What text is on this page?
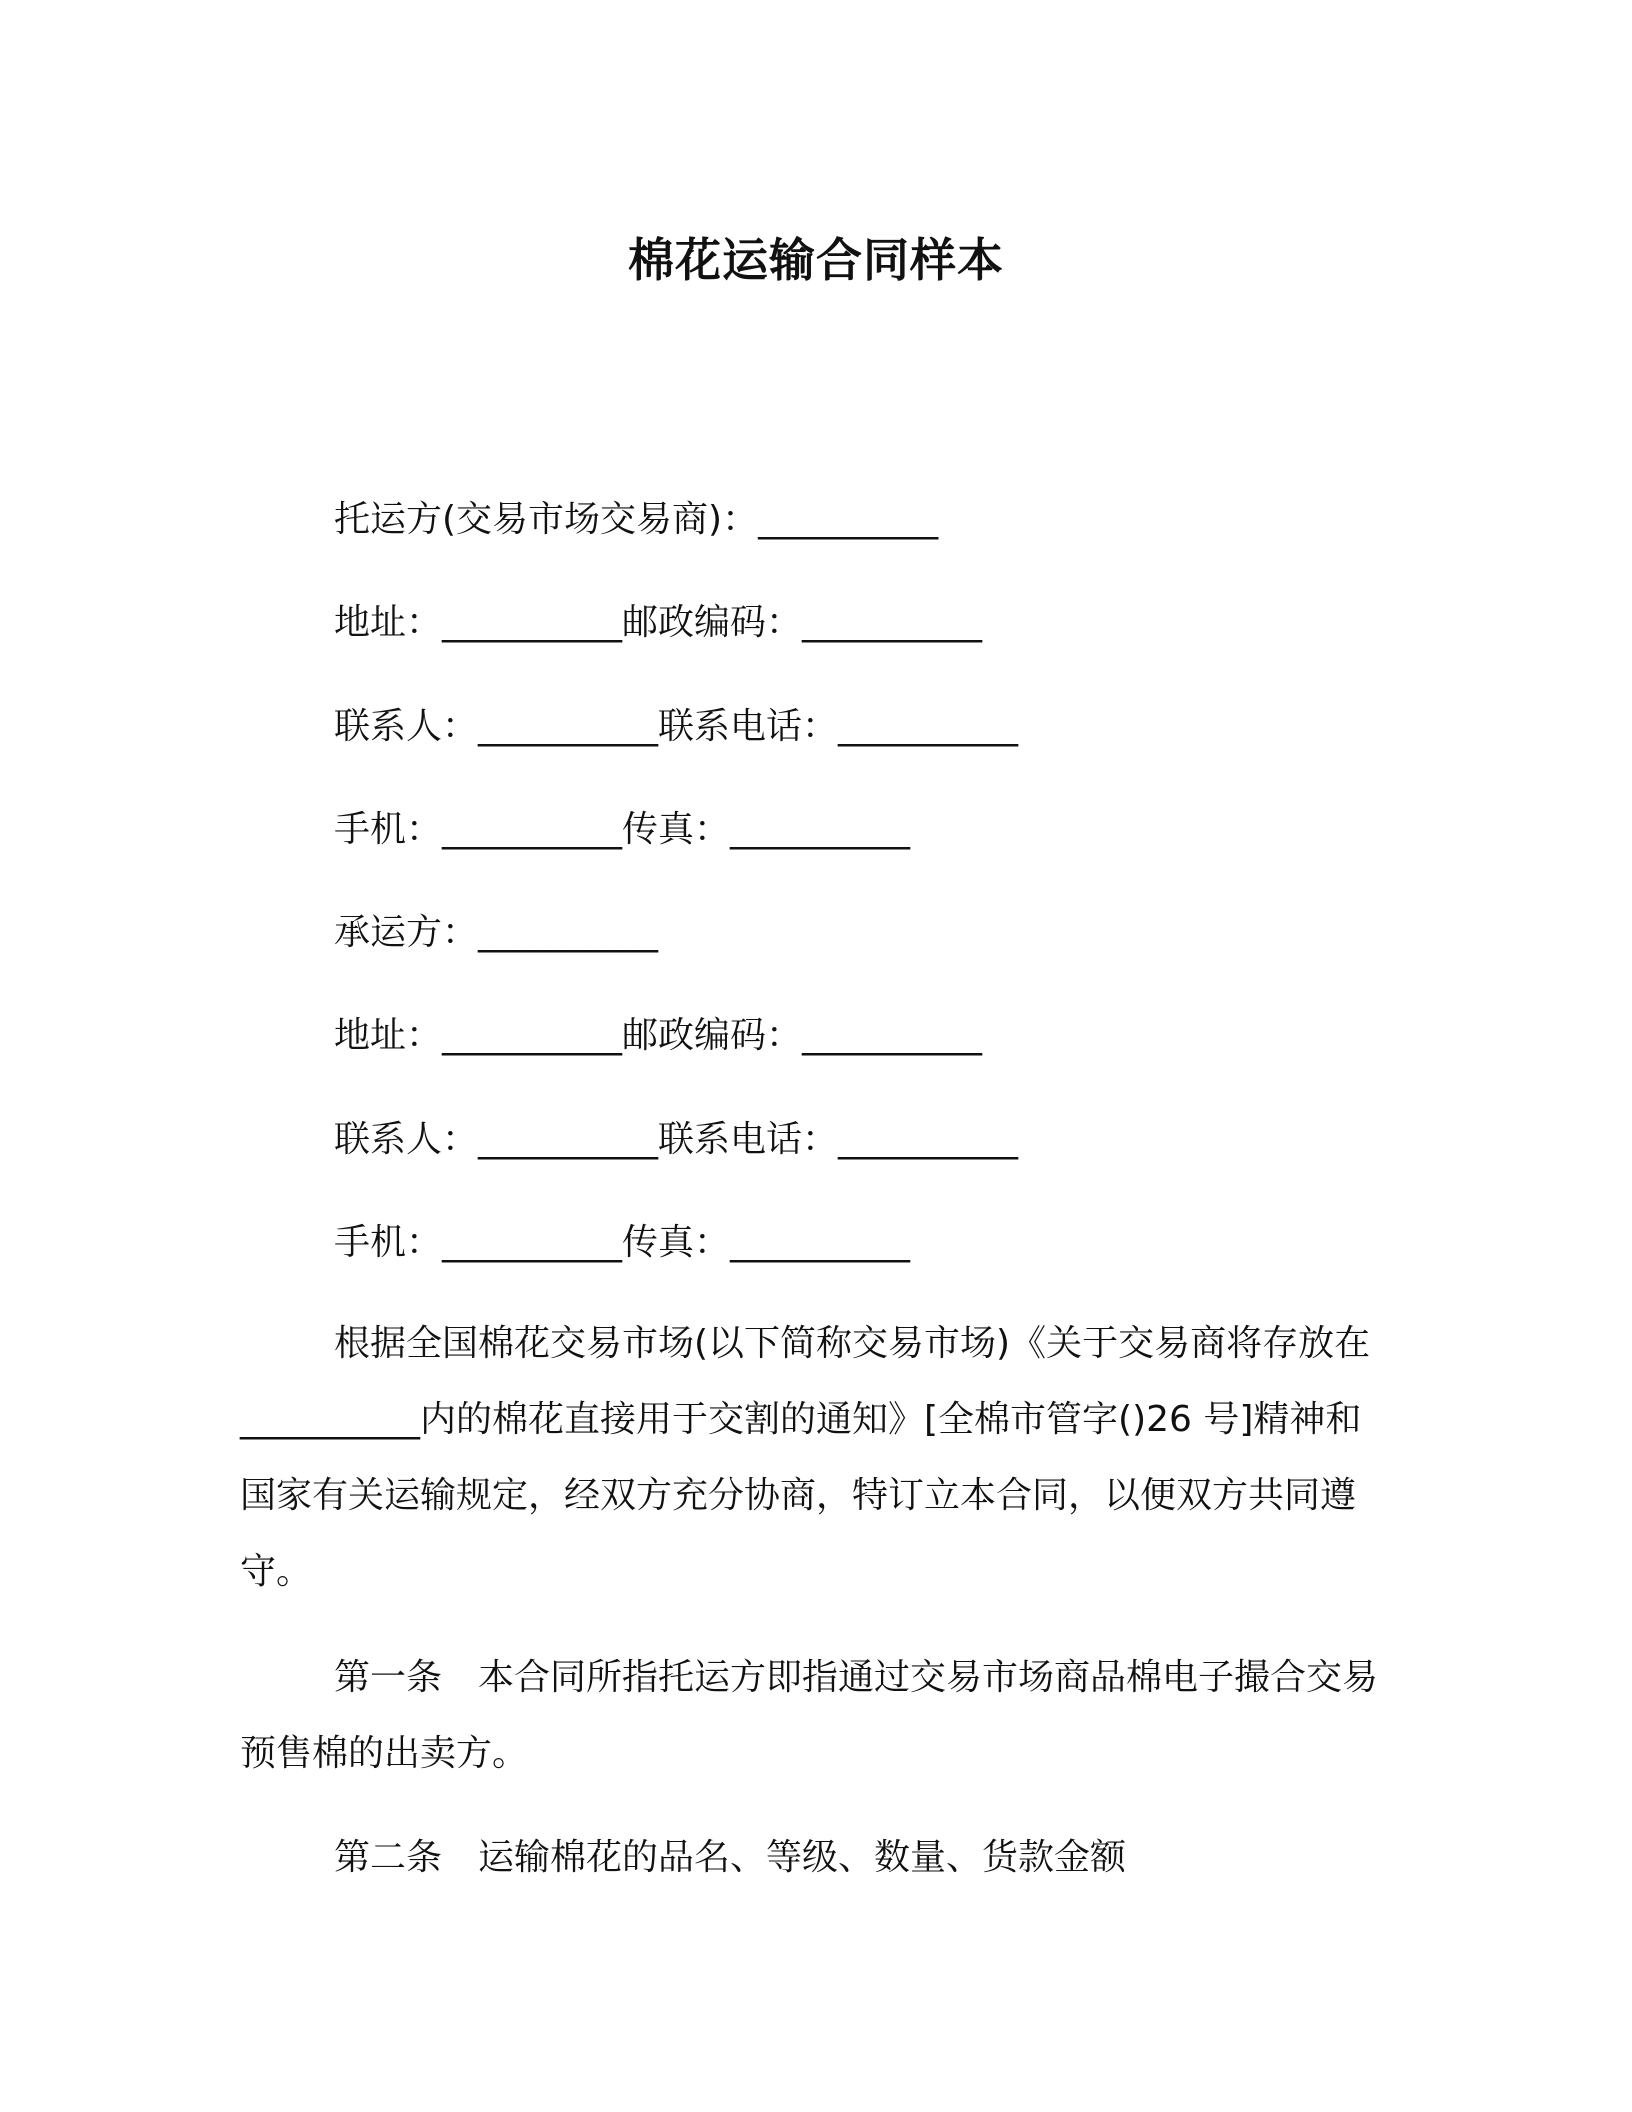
棉花运输合同样本
托运方(交易市场交易商)：__________
地址：__________邮政编码：__________
联系人：__________联系电话：__________
手机：__________传真：__________
承运方：__________
地址：__________邮政编码：__________
联系人：__________联系电话：__________
手机：__________传真：__________
根据全国棉花交易市场(以下简称交易市场)《关于交易商将存放在__________内的棉花直接用于交割的通知》[全棉市管字()26 号]精神和国家有关运输规定，经双方充分协商，特订立本合同，以便双方共同遵守。
第一条　本合同所指托运方即指通过交易市场商品棉电子撮合交易预售棉的出卖方。
第二条　运输棉花的品名、等级、数量、货款金额
